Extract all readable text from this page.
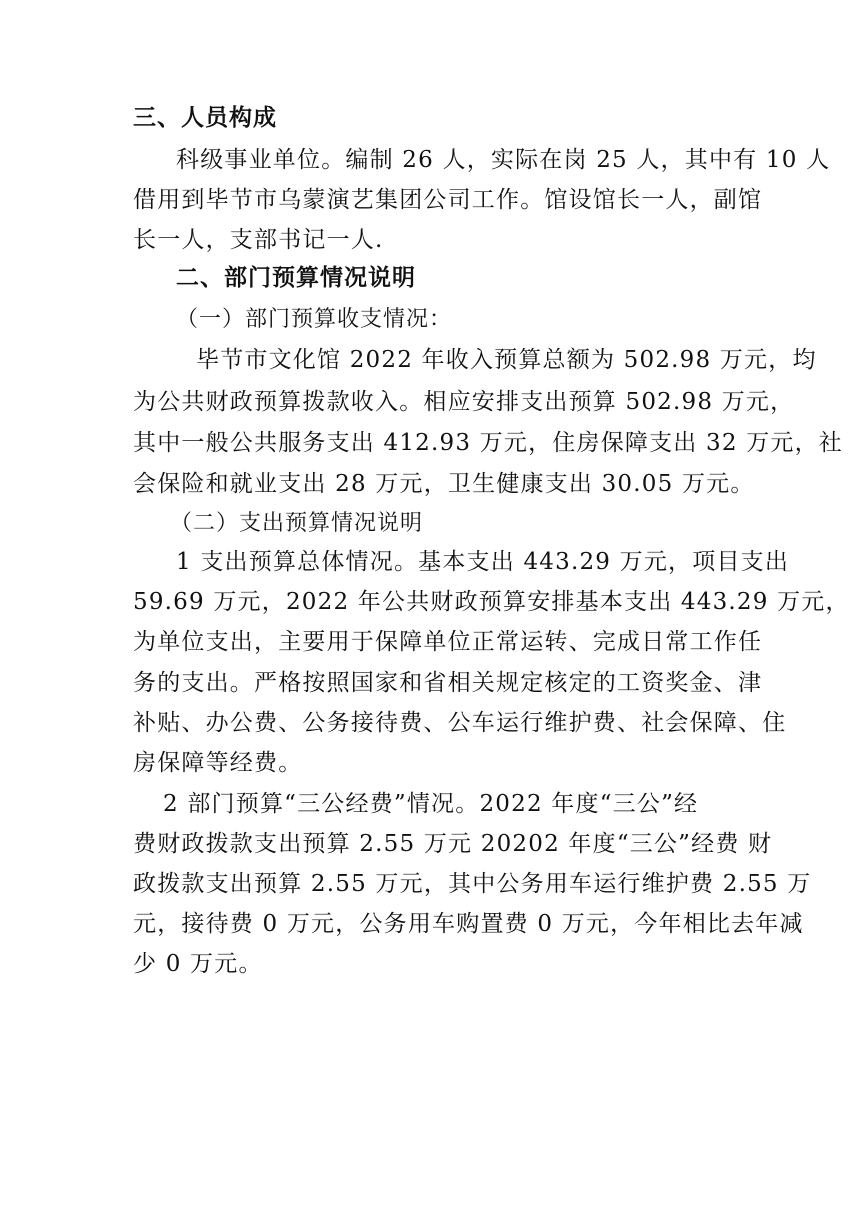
三、人员构成
科级事业单位。编制 26 人，实际在岗 25 人，其中有 10 人
借用到毕节市乌蒙演艺集团公司工作。馆设馆长一人，副馆
长一人，支部书记一人.
二、部门预算情况说明
（一）部门预算收支情况：
毕节市文化馆 2022 年收入预算总额为 502.98 万元，均
为公共财政预算拨款收入。相应安排支出预算 502.98 万元，
其中一般公共服务支出 412.93 万元，住房保障支出 32 万元，社
会保险和就业支出 28 万元，卫生健康支出 30.05 万元。
（二）支出预算情况说明
1 支出预算总体情况。基本支出 443.29 万元，项目支出
59.69 万元，2022 年公共财政预算安排基本支出 443.29 万元，
为单位支出，主要用于保障单位正常运转、完成日常工作任
务的支出。严格按照国家和省相关规定核定的工资奖金、津
补贴、办公费、公务接待费、公车运行维护费、社会保障、住
房保障等经费。
2 部门预算“三公经费”情况。2022 年度“三公”经
费财政拨款支出预算 2.55 万元 20202 年度“三公”经费 财
政拨款支出预算 2.55 万元，其中公务用车运行维护费 2.55 万
元，接待费 0 万元，公务用车购置费 0 万元，今年相比去年减
少 0 万元。
